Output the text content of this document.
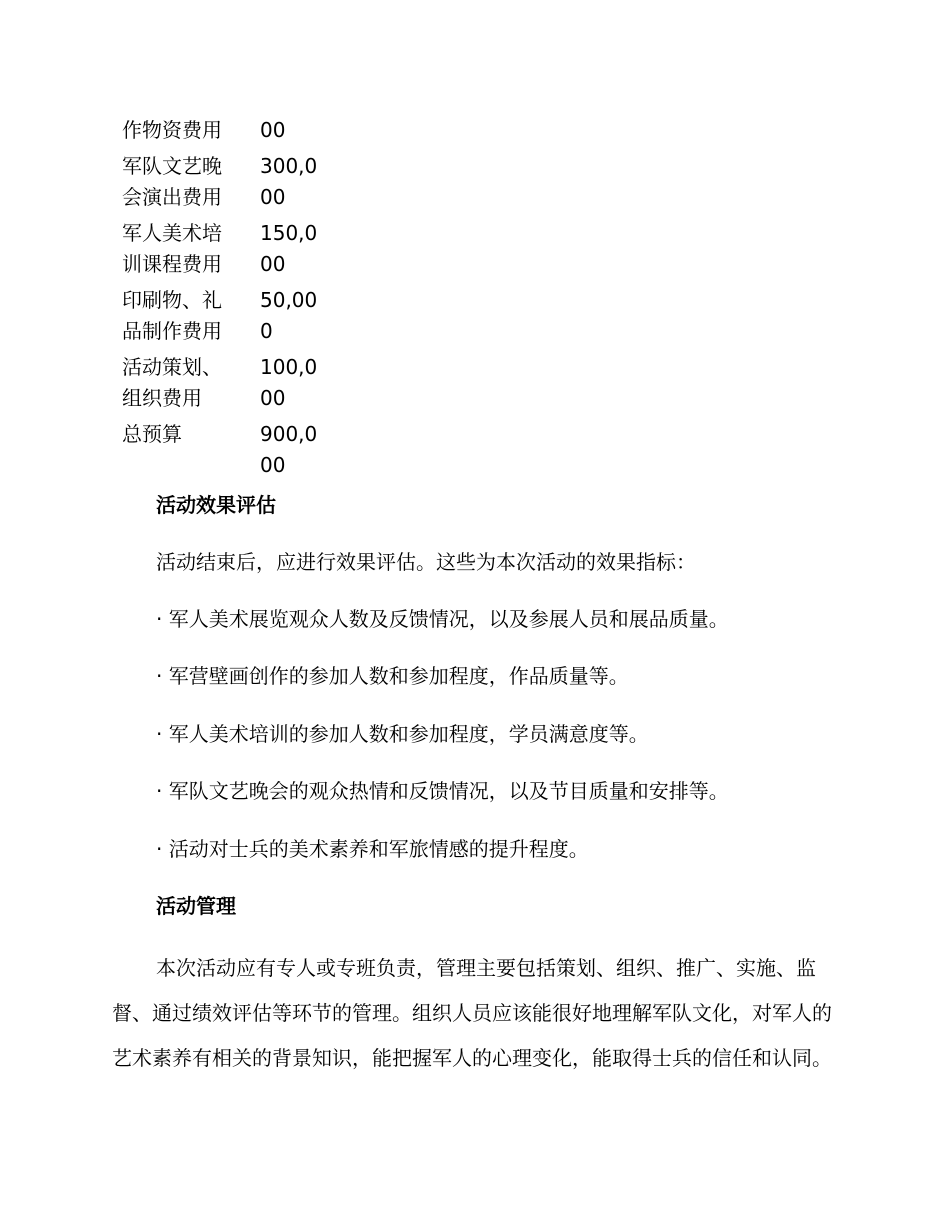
作物资费用	00
军队文艺晚
会演出费用
300,0
00
军人美术培
训课程费用
150,0
00
印刷物、礼
品制作费用
50,00
0
活动策划、
组织费用
100,0
00
总预算	900,0
00
活动效果评估
活动结束后，应进行效果评估。这些为本次活动的效果指标：
· 军人美术展览观众人数及反馈情况，以及参展人员和展品质量。
· 军营壁画创作的参加人数和参加程度，作品质量等。
· 军人美术培训的参加人数和参加程度，学员满意度等。
· 军队文艺晚会的观众热情和反馈情况，以及节目质量和安排等。
· 活动对士兵的美术素养和军旅情感的提升程度。
活动管理
本次活动应有专人或专班负责，管理主要包括策划、组织、推广、实施、监督、通过绩效评估等环节的管理。组织人员应该能很好地理解军队文化，对军人的艺术素养有相关的背景知识，能把握军人的心理变化，能取得士兵的信任和认同。
